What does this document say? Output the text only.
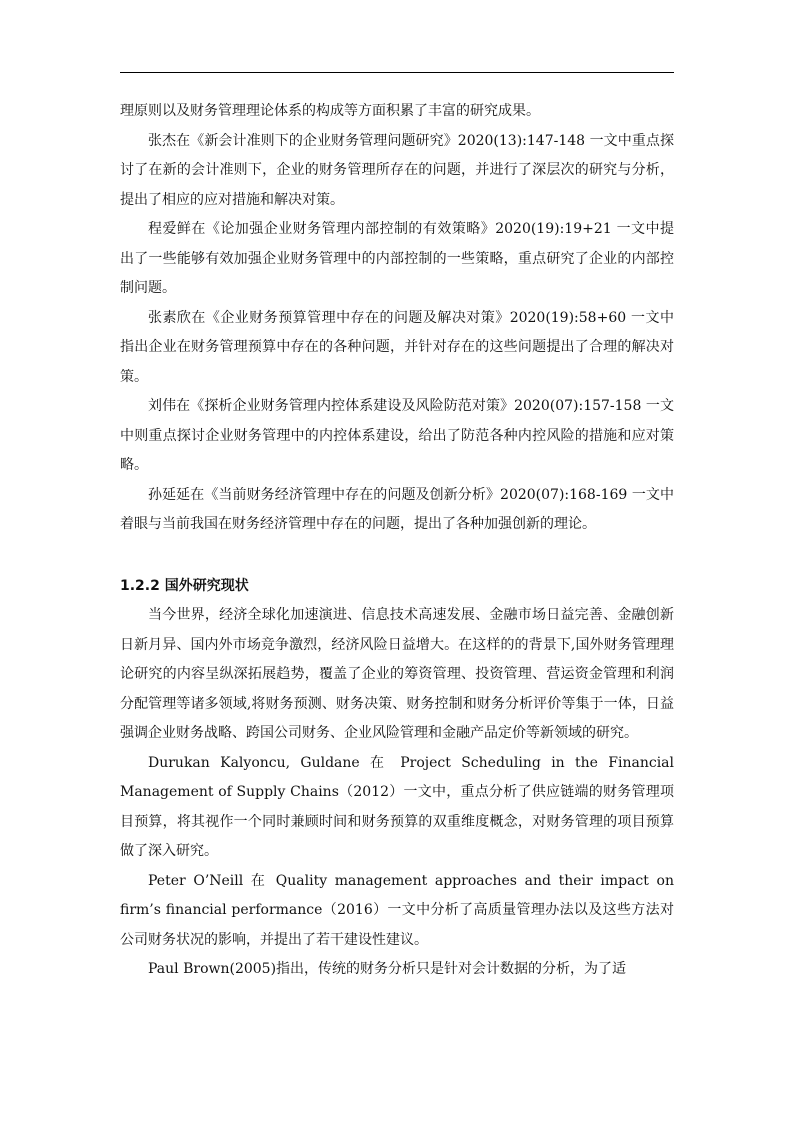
理原则以及财务管理理论体系的构成等方面积累了丰富的研究成果。

张杰在《新会计准则下的企业财务管理问题研究》2020(13):147-148 一文中重点探讨了在新的会计准则下，企业的财务管理所存在的问题，并进行了深层次的研究与分析，提出了相应的应对措施和解决对策。

程爱鲜在《论加强企业财务管理内部控制的有效策略》2020(19):19+21 一文中提出了一些能够有效加强企业财务管理中的内部控制的一些策略，重点研究了企业的内部控制问题。

张素欣在《企业财务预算管理中存在的问题及解决对策》2020(19):58+60 一文中指出企业在财务管理预算中存在的各种问题，并针对存在的这些问题提出了合理的解决对策。

刘伟在《探析企业财务管理内控体系建设及风险防范对策》2020(07):157-158 一文中则重点探讨企业财务管理中的内控体系建设，给出了防范各种内控风险的措施和应对策略。

孙延延在《当前财务经济管理中存在的问题及创新分析》2020(07):168-169 一文中着眼与当前我国在财务经济管理中存在的问题，提出了各种加强创新的理论。

1.2.2 国外研究现状

当今世界，经济全球化加速演进、信息技术高速发展、金融市场日益完善、金融创新日新月异、国内外市场竞争激烈，经济风险日益增大。在这样的的背景下,国外财务管理理论研究的内容呈纵深拓展趋势，覆盖了企业的筹资管理、投资管理、营运资金管理和利润分配管理等诸多领域,将财务预测、财务决策、财务控制和财务分析评价等集于一体，日益强调企业财务战略、跨国公司财务、企业风险管理和金融产品定价等新领域的研究。

Durukan Kalyoncu, Guldane 在 Project Scheduling in the Financial Management of Supply Chains（2012）一文中，重点分析了供应链端的财务管理项目预算，将其视作一个同时兼顾时间和财务预算的双重维度概念，对财务管理的项目预算做了深入研究。

Peter O’Neill 在 Quality management approaches and their impact on firm’s financial performance（2016）一文中分析了高质量管理办法以及这些方法对公司财务状况的影响，并提出了若干建设性建议。

Paul Brown(2005)指出，传统的财务分析只是针对会计数据的分析，为了适
